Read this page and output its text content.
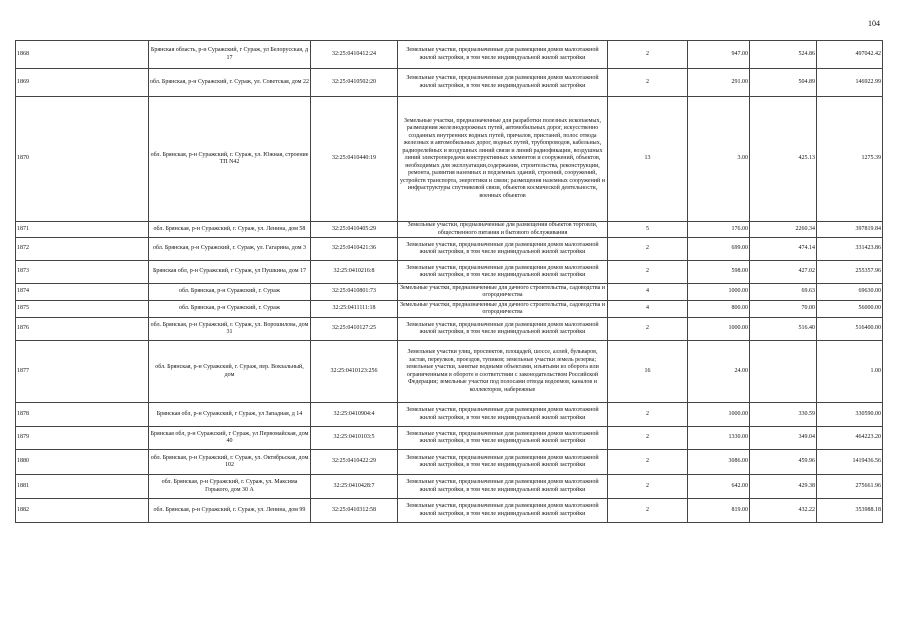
104
1868	Брянская область, р-н Суражский, г Сураж, ул Белорусская, д 17	32:25:0410412:24	Земельные участки, предназначенные для размещения домов малоэтажной жилой застройки, в том числе индивидуальной жилой застройки	2	947.00	524.86	497042.42
1869	обл. Брянская, р-н Суражский, г. Сураж, ул. Советская, дом 22	32:25:0410502:20	Земельные участки, предназначенные для размещения домов малоэтажной жилой застройки, в том числе индивидуальной жилой застройки	2	291.00	504.89	146922.99
1870	обл. Брянская, р-н Суражский, г. Сураж, ул. Южная, строение ТП N42	32:25:0410440:19	Земельные участки, предназначенные для разработки полезных ископаемых, размещения железнодорожных путей, автомобильных дорог, искусственно созданных внутренних водных путей, причалов, пристаней, полос отвода железных и автомобильных дорог, водных путей, трубопроводов, кабельных, радиорелейных и воздушных линий связи и линий радиофикации, воздушных линий электропередачи конструктивных элементов и сооружений, объектов, необходимых для эксплуатации,содержания, строительства, реконструкции, ремонта, развития наземных и подземных зданий, строений, сооружений, устройств транспорта, энергетики и связи; размещения наземных сооружений и инфраструктуры спутниковой связи, объектов космической деятельности, военных объектов	13	3.00	425.13	1275.39
1871	обл. Брянская, р-н Суражский, г. Сураж, ул. Ленина, дом 58	32:25:0410405:29	Земельные участки, предназначенные для размещения объектов торговли, общественного питания и бытового обслуживания	5	176.00	2260.34	397819.84
1872	обл. Брянская, р-н Суражский, г. Сураж, ул. Гагарина, дом 3	32:25:0410421:36	Земельные участки, предназначенные для размещения домов малоэтажной жилой застройки, в том числе индивидуальной жилой застройки	2	699.00	474.14	331423.86
1873	Брянская обл, р-н Суражский, г Сураж, ул Пушкина, дом 17	32:25:0410216:8	Земельные участки, предназначенные для размещения домов малоэтажной жилой застройки, в том числе индивидуальной жилой застройки	2	598.00	427.02	255357.96
1874	обл. Брянская, р-н Суражский, г. Сураж	32:25:0410801:73	Земельные участки, предназначенные для дачного строительства, садоводства и огородничества	4	1000.00	69.63	69630.00
1875	обл. Брянская, р-н Суражский, г. Сураж	32:25:0411111:18	Земельные участки, предназначенные для дачного строительства, садоводства и огородничества	4	800.00	70.00	56000.00
1876	обл. Брянская, р-н Суражский, г. Сураж, ул. Ворошилова, дом 31	32:25:0410127:25	Земельные участки, предназначенные для размещения домов малоэтажной жилой застройки, в том числе индивидуальной жилой застройки	2	1000.00	516.40	516400.00
1877	обл. Брянская, р-н Суражский, г. Сураж, пер. Вокзальный, дом	32:25:0410123:256	Земельные участки улиц, проспектов, площадей, шоссе, аллей, бульваров, застав, переулков, проездов, тупиков; земельные участки земель резерва; земельные участки, занятые водными объектами, изъятыми из оборота или ограниченными в обороте в соответствии с законодательством Российской Федерации; земельные участки под полосами отвода водоемов, каналов и коллекторов, набережные	16	24.00		1.00
1878	Брянская обл, р-н Суражский, г Сураж, ул Западная, д 14	32:25:0410904:4	Земельные участки, предназначенные для размещения домов малоэтажной жилой застройки, в том числе индивидуальной жилой застройки	2	1000.00	330.59	330590.00
1879	Брянская обл, р-н Суражский, г Сураж, ул Первомайская, дом 40	32:25:0410103:5	Земельные участки, предназначенные для размещения домов малоэтажной жилой застройки, в том числе индивидуальной жилой застройки	2	1330.00	349.04	464223.20
1880	обл. Брянская, р-н Суражский, г. Сураж, ул. Октябрьская, дом 102	32:25:0410422:29	Земельные участки, предназначенные для размещения домов малоэтажной жилой застройки, в том числе индивидуальной жилой застройки	2	3086.00	459.96	1419436.56
1881	обл. Брянская, р-н Суражский, г. Сураж, ул. Максима Горького, дом 30 А	32:25:0410428:7	Земельные участки, предназначенные для размещения домов малоэтажной жилой застройки, в том числе индивидуальной жилой застройки	2	642.00	429.38	275661.96
1882	обл. Брянская, р-н Суражский, г. Сураж, ул. Ленина, дом 99	32:25:0410312:58	Земельные участки, предназначенные для размещения домов малоэтажной жилой застройки, в том числе индивидуальной жилой застройки	2	819.00	432.22	353988.18
